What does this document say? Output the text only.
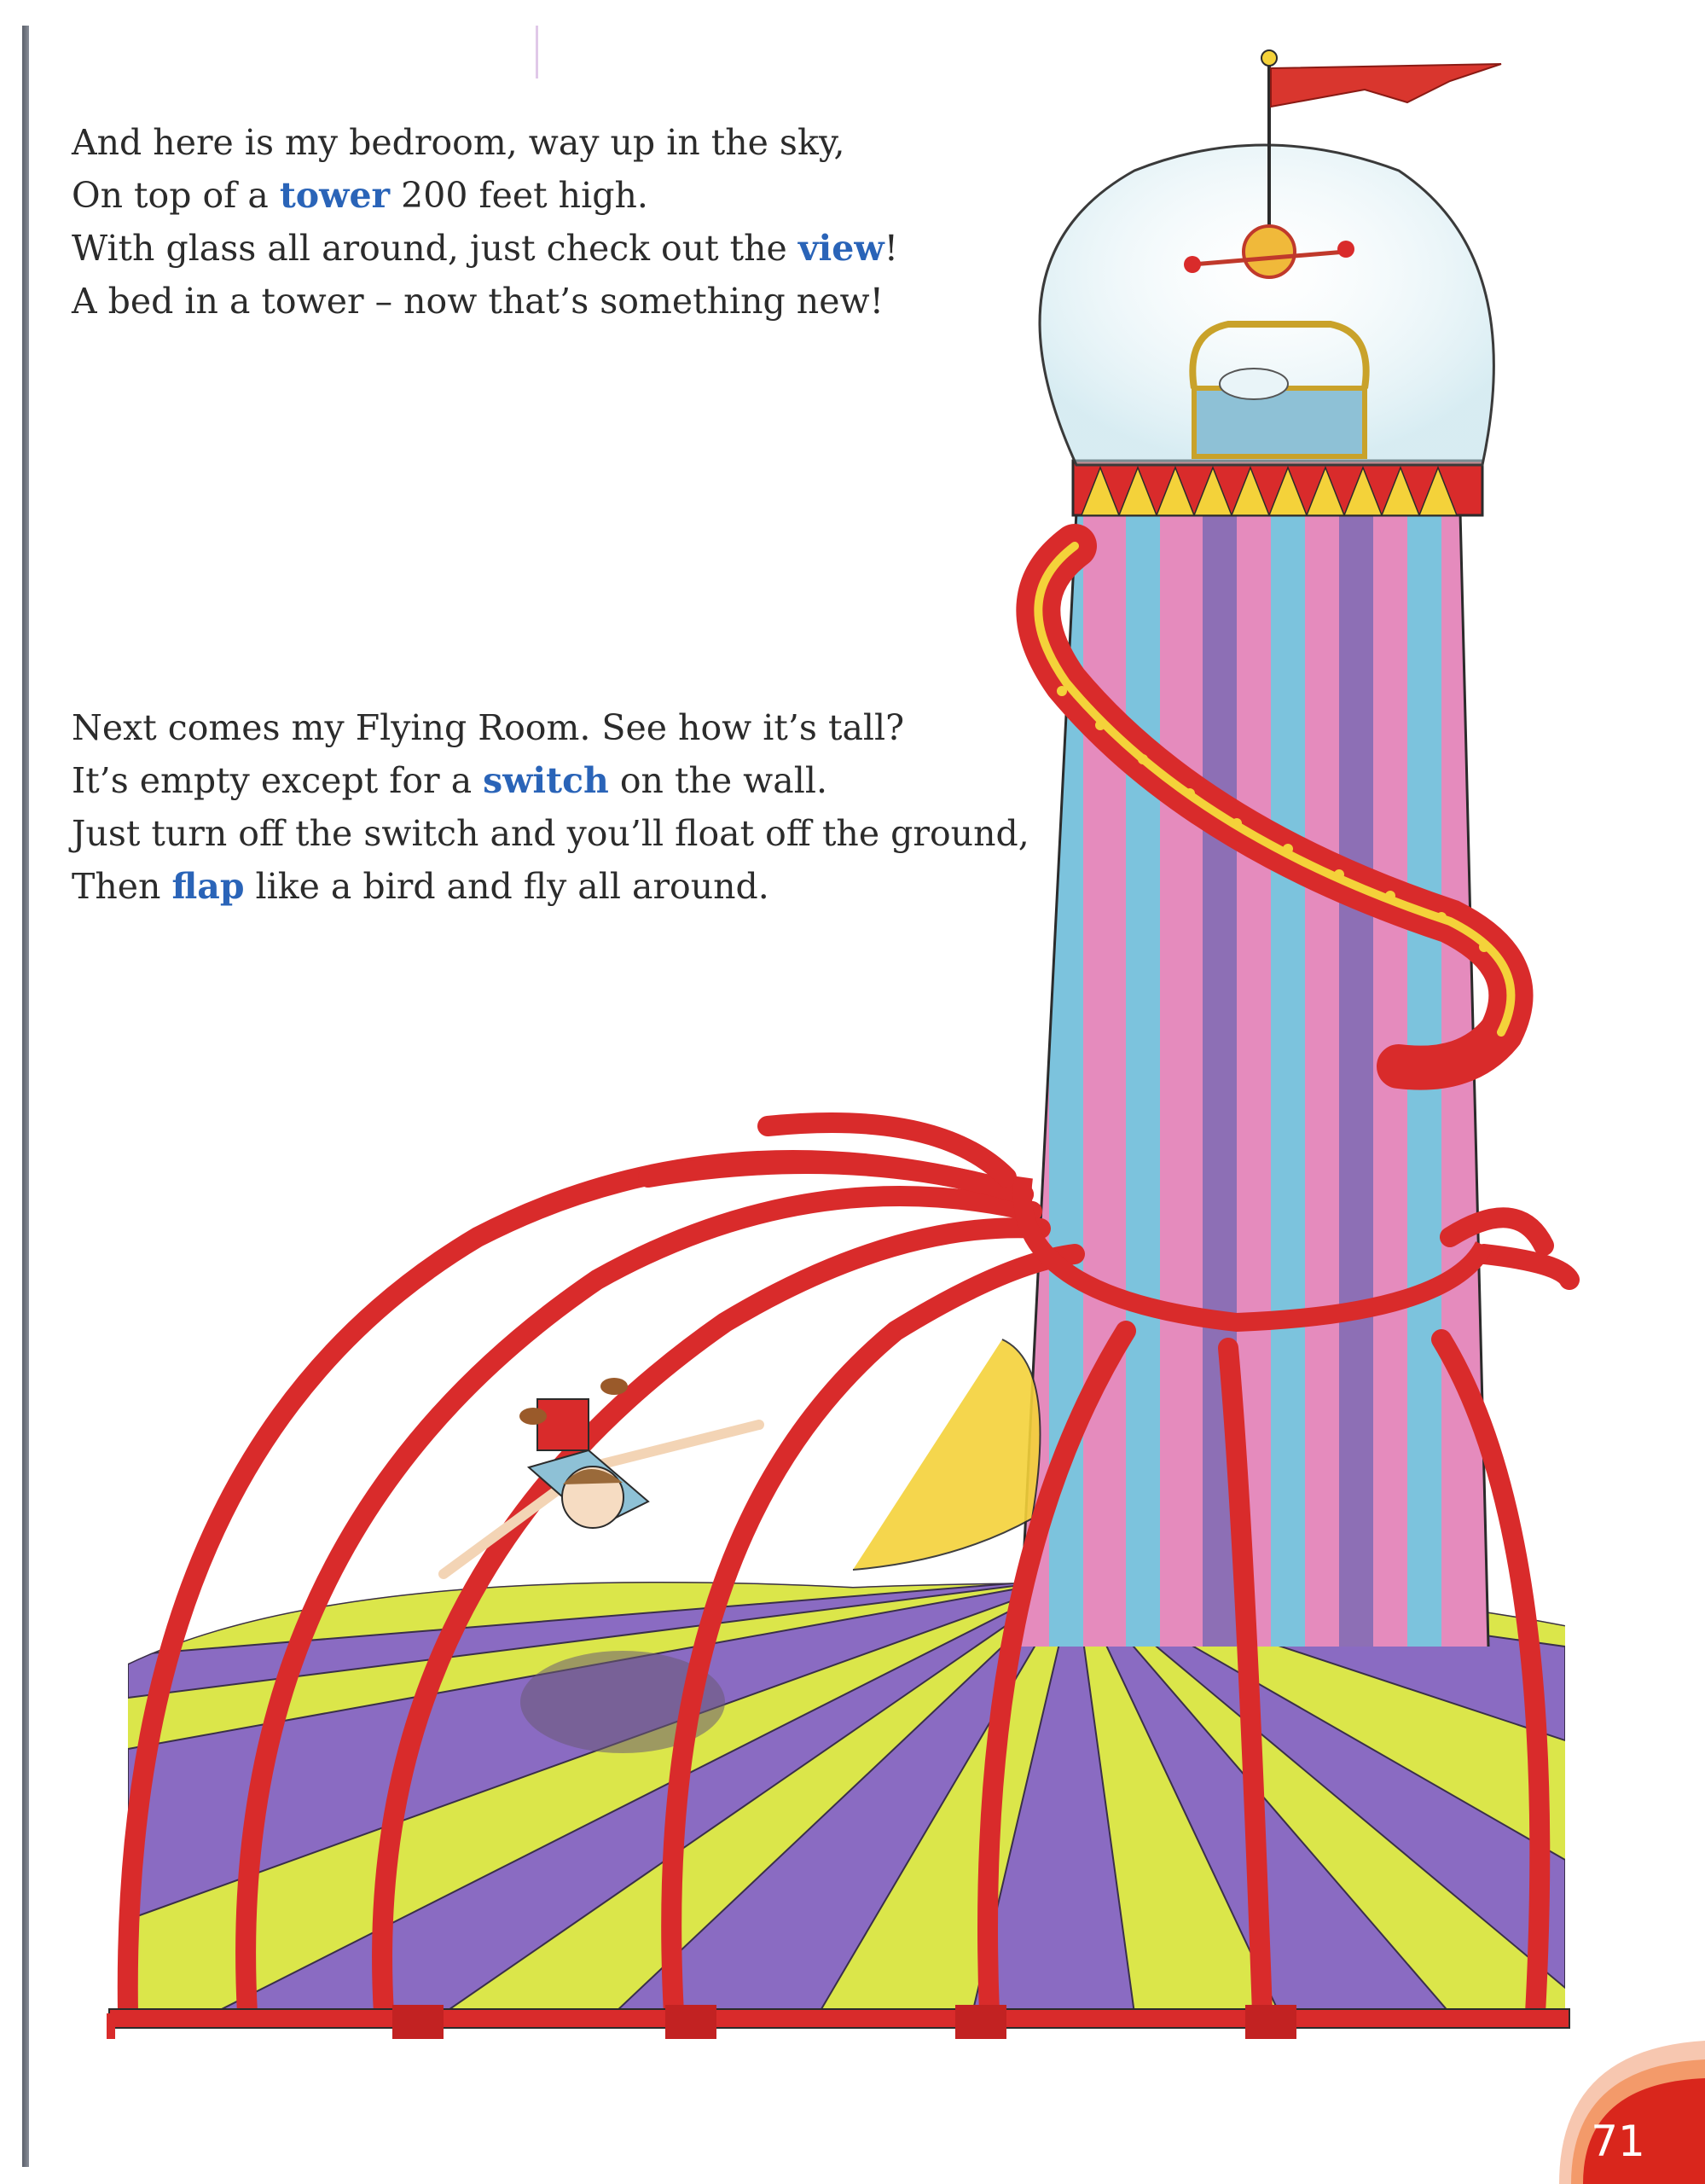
And here is my bedroom, way up in the sky,
On top of a tower 200 feet high.
With glass all around, just check out the view!
A bed in a tower – now that’s something new!

Next comes my Flying Room. See how it’s tall?
It’s empty except for a switch on the wall.
Just turn off the switch and you’ll float off the ground,
Then flap like a bird and fly all around.

71
